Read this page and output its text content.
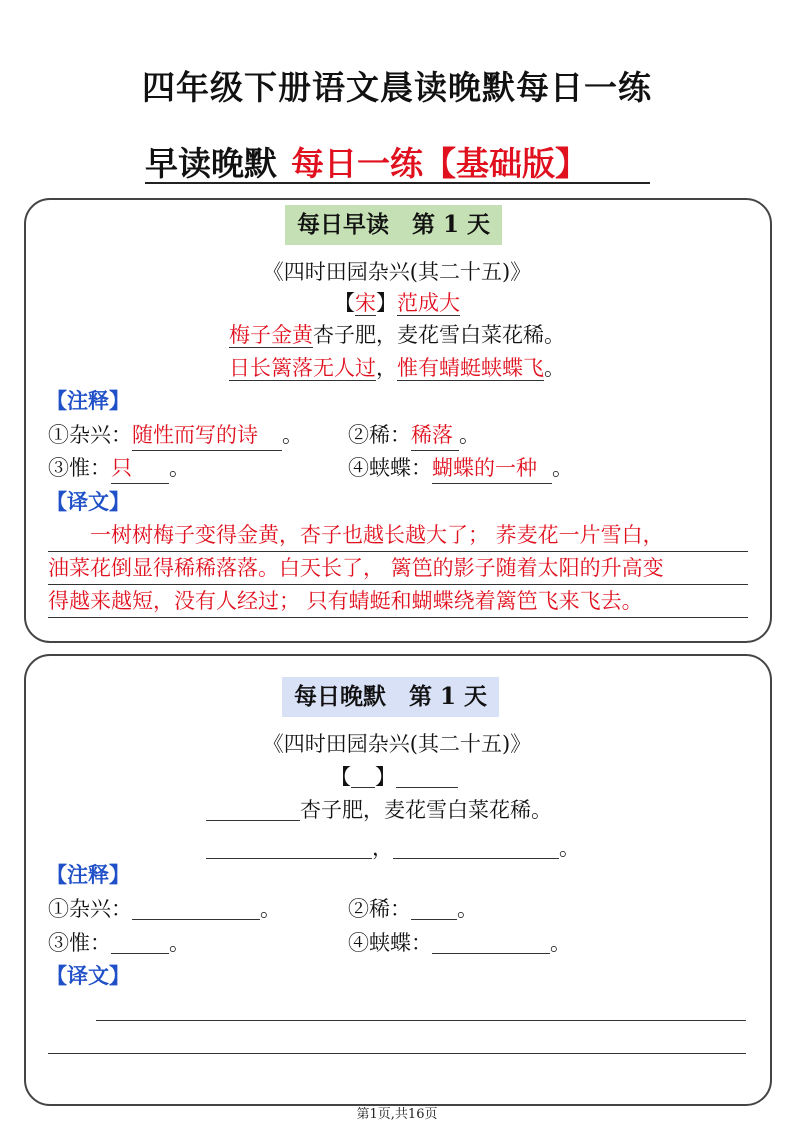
四年级下册语文晨读晚默每日一练
早读晚默 每日一练【基础版】
每日早读　第 1 天
《四时田园杂兴(其二十五)》
【宋】范成大
梅子金黄杏子肥，麦花雪白菜花稀。
日长篱落无人过，惟有蜻蜓蛱蝶飞。
【注释】
①杂兴：随性而写的诗 。 ②稀：稀落 。
③惟：只 。	④蛱蝶：蝴蝶的一种 。
【译文】
　　一树树梅子变得金黄，杏子也越长越大了； 荞麦花一片雪白，
油菜花倒显得稀稀落落。白天长了， 篱笆的影子随着太阳的升高变
得越来越短，没有人经过； 只有蜻蜓和蝴蝶绕着篱笆飞来飞去。
每日晚默　第 1 天
《四时田园杂兴(其二十五)》
【 】
杏子肥，麦花雪白菜花稀。
，	。
【注释】
①杂兴：	。	②稀： 。
③惟：	。	④蛱蝶：	。
【译文】
第1页,共16页
